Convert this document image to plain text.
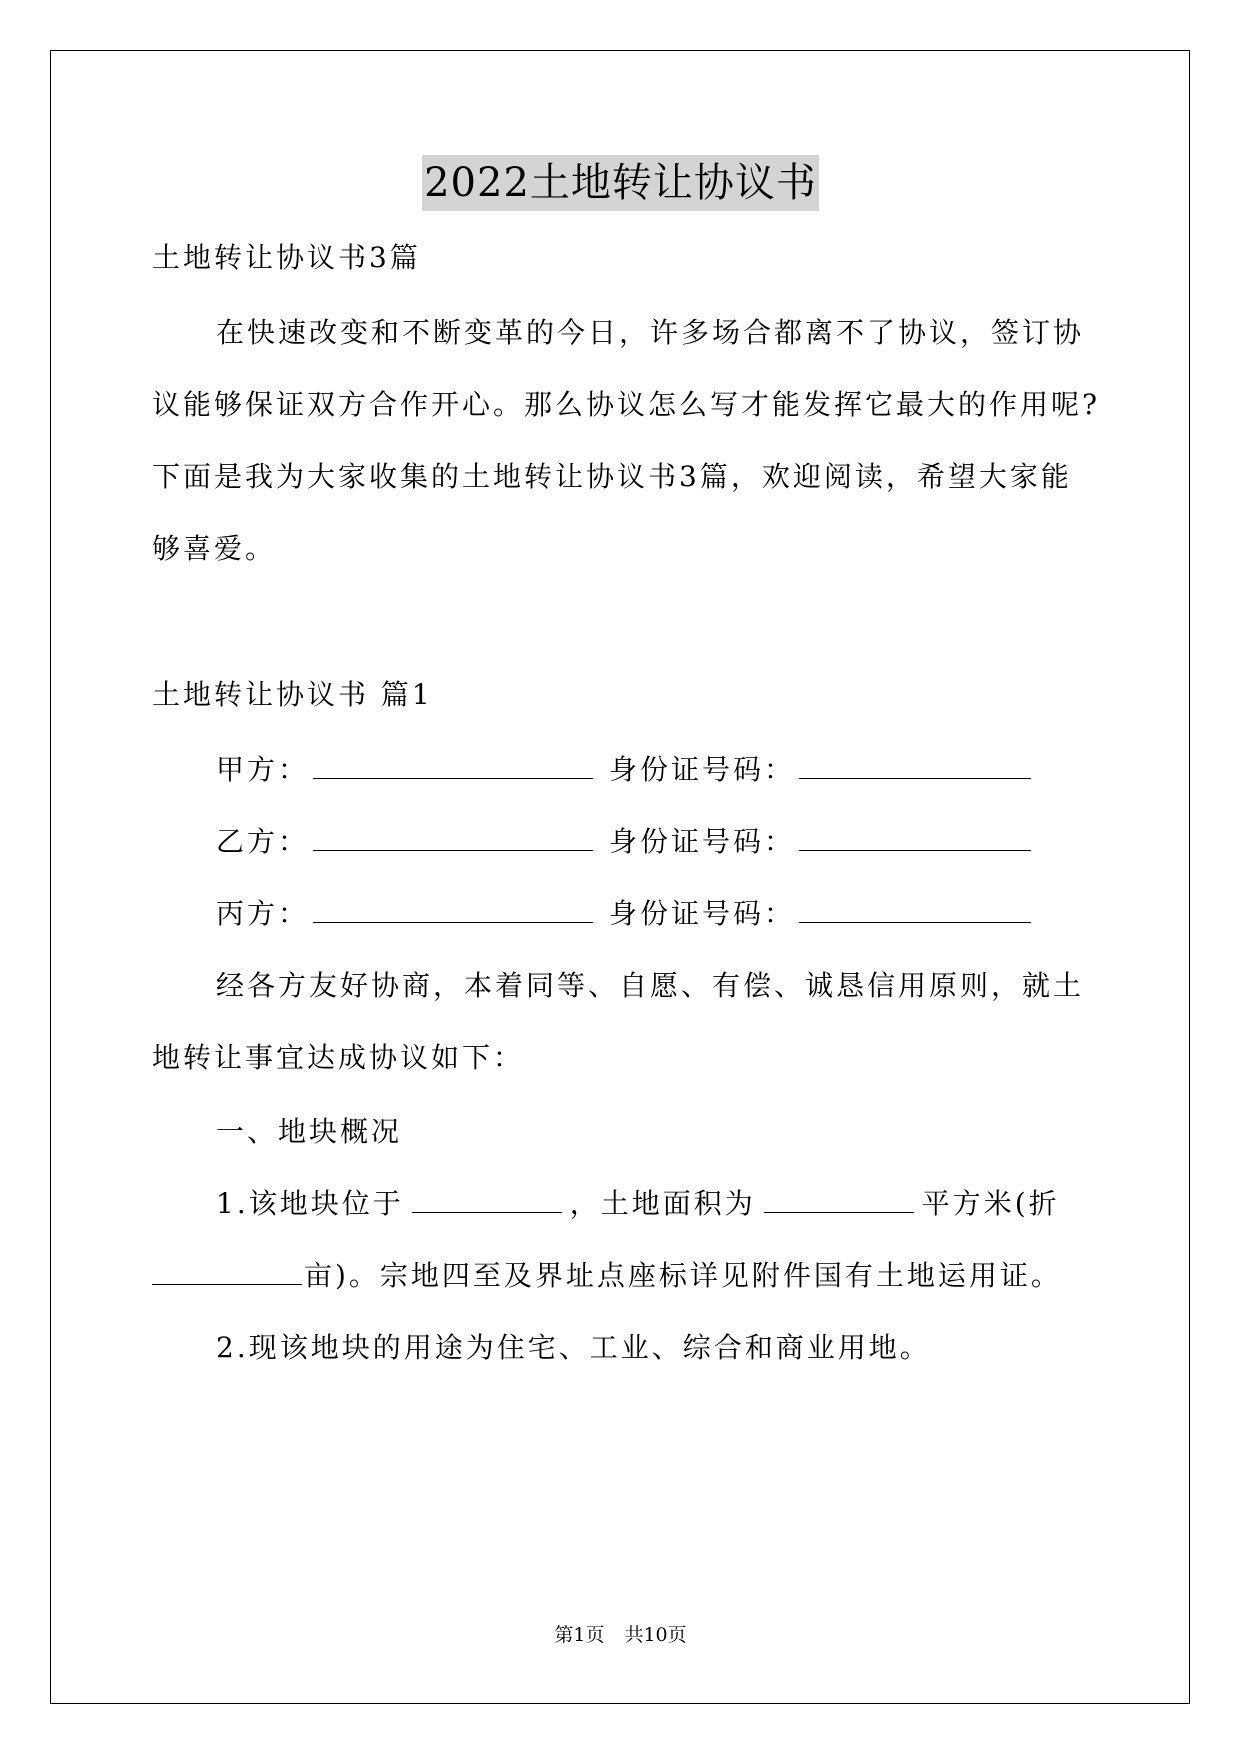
2022土地转让协议书
土地转让协议书3篇
在快速改变和不断变革的今日，许多场合都离不了协议，签订协
议能够保证双方合作开心。那么协议怎么写才能发挥它最大的作用呢?
下面是我为大家收集的土地转让协议书3篇，欢迎阅读，希望大家能
够喜爱。
土地转让协议书 篇1
甲方：	身份证号码：
乙方：	身份证号码：
丙方：	身份证号码：
经各方友好协商，本着同等、自愿、有偿、诚恳信用原则，就土
地转让事宜达成协议如下：
一、地块概况
1.该地块位于	，土地面积为	平方米(折
亩)。宗地四至及界址点座标详见附件国有土地运用证。
2.现该地块的用途为住宅、工业、综合和商业用地。
第1页 共10页
